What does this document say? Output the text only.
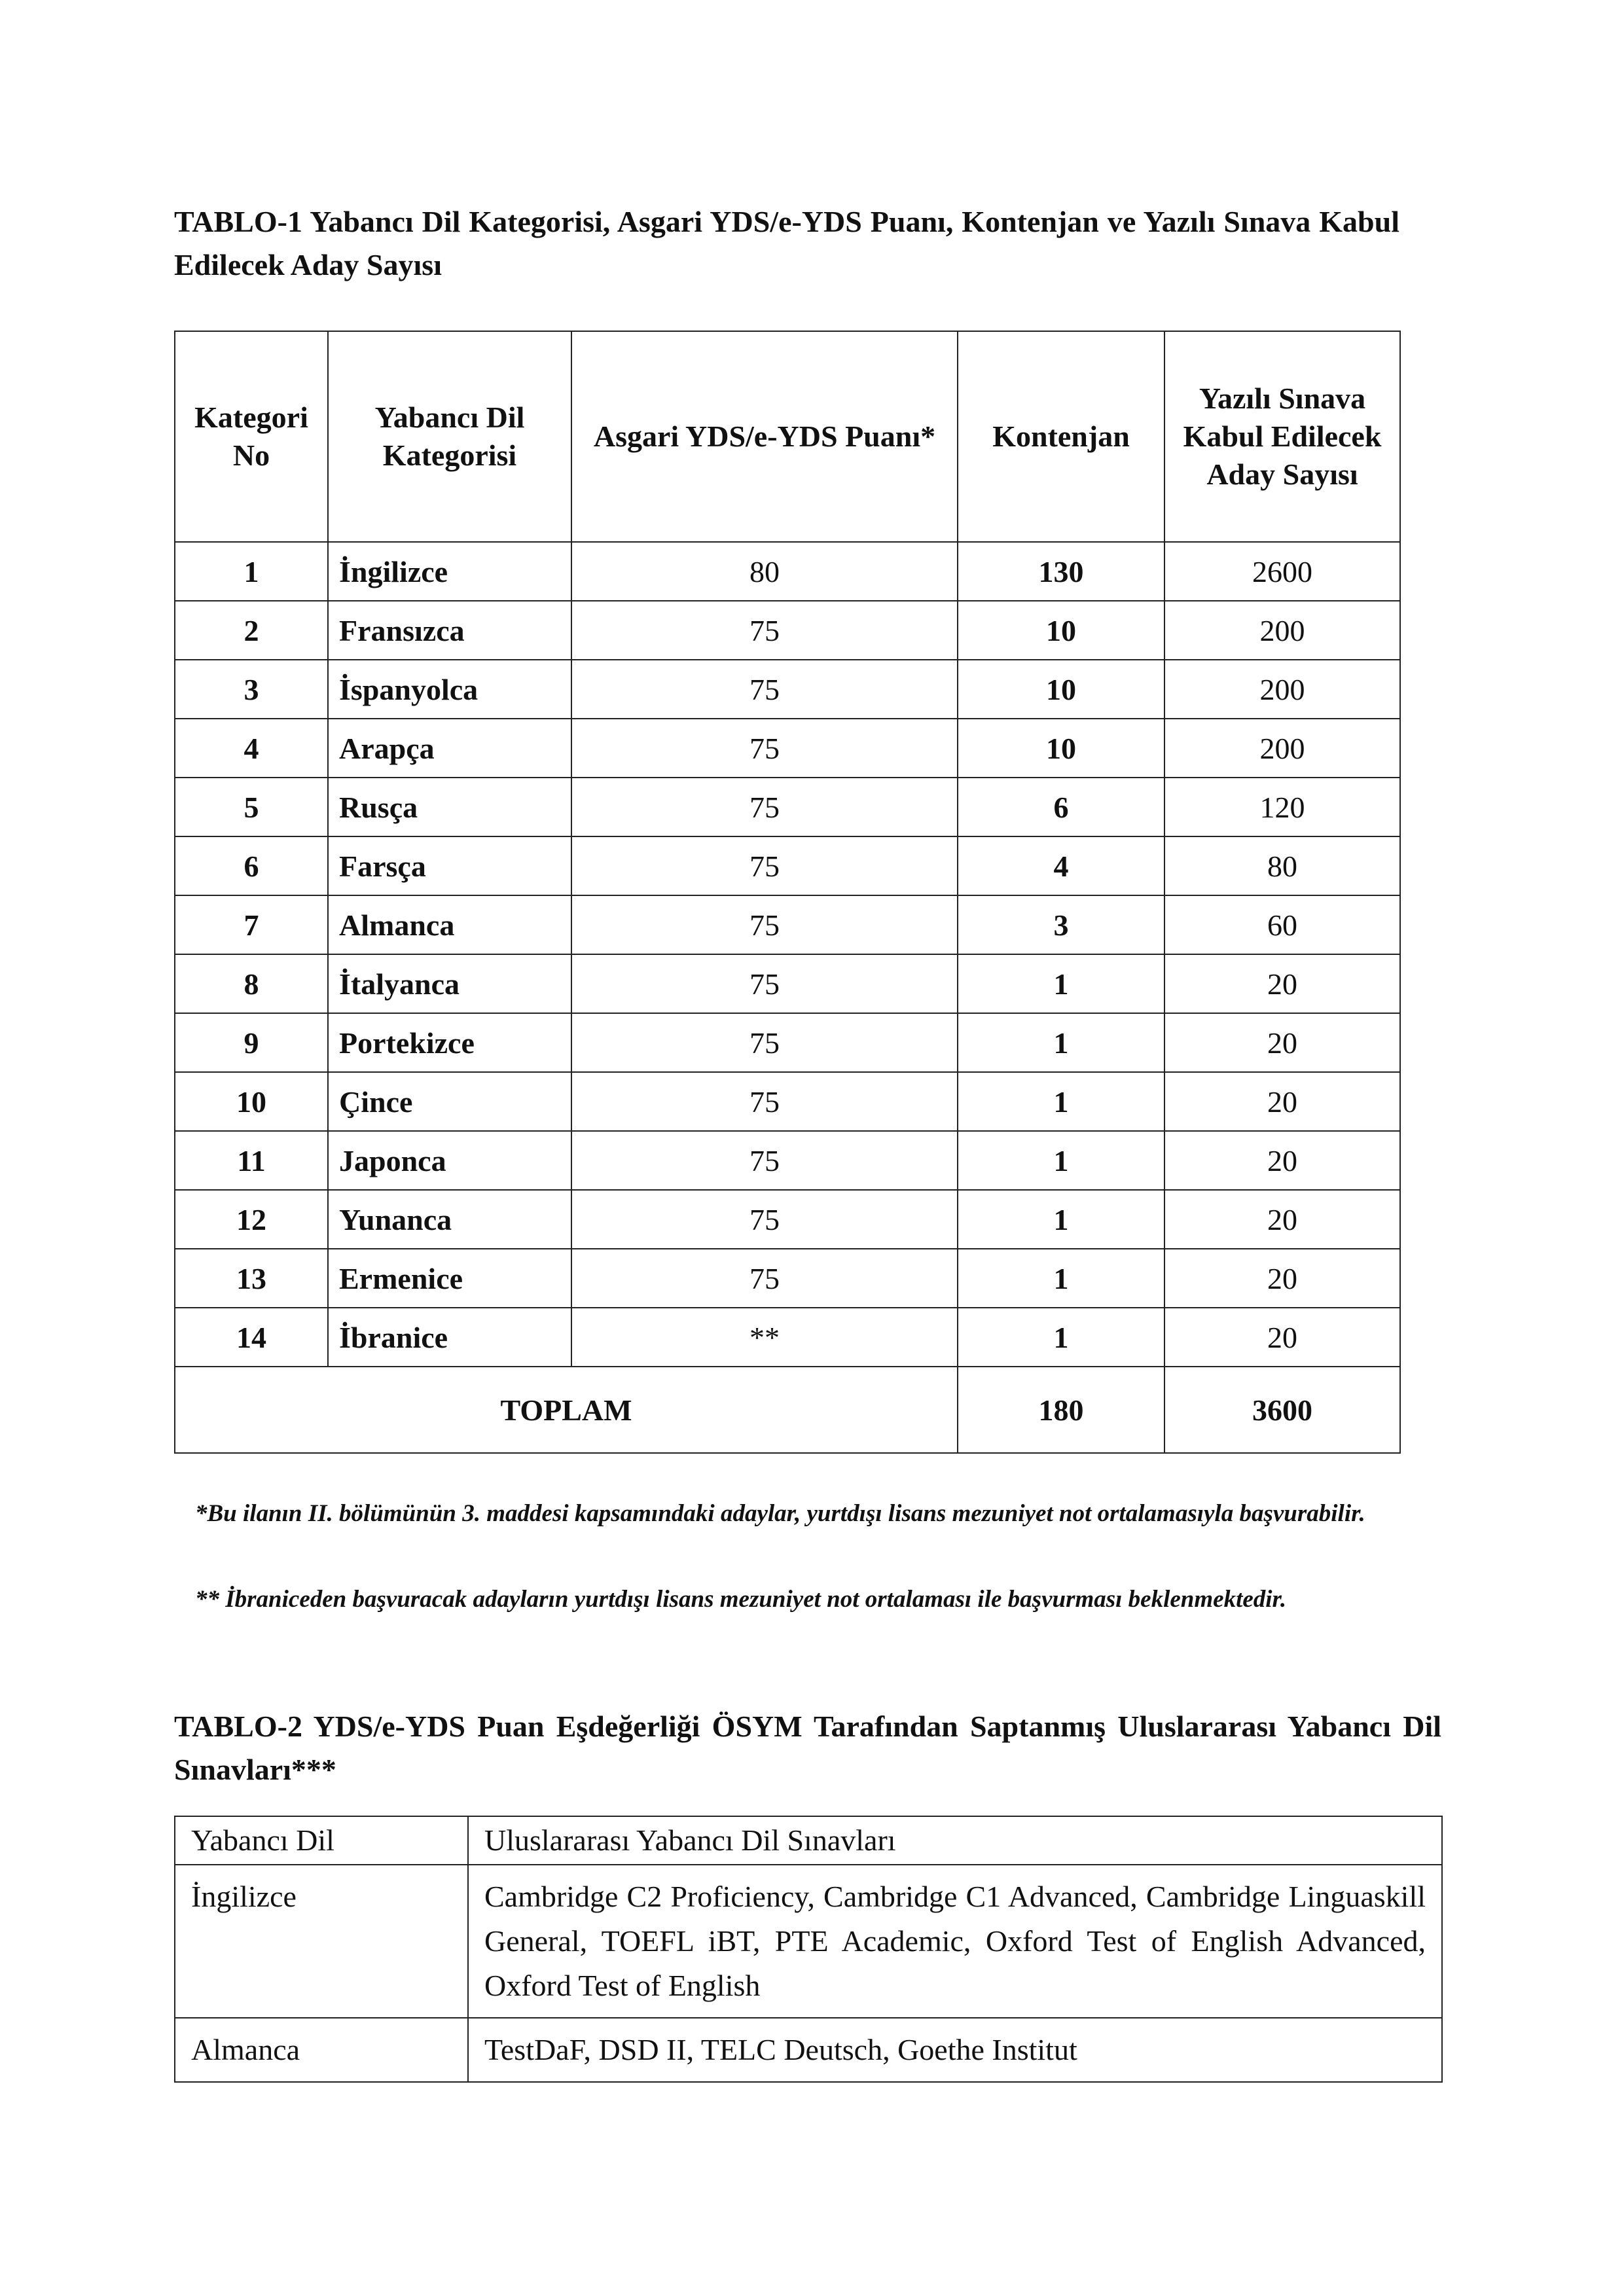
TABLO-1 Yabancı Dil Kategorisi, Asgari YDS/e-YDS Puanı, Kontenjan ve Yazılı Sınava Kabul Edilecek Aday Sayısı
Kategori No	Yabancı Dil Kategorisi	Asgari YDS/e-YDS Puanı*	Kontenjan	Yazılı Sınava Kabul Edilecek Aday Sayısı
1	İngilizce	80	130	2600
2	Fransızca	75	10	200
3	İspanyolca	75	10	200
4	Arapça	75	10	200
5	Rusça	75	6	120
6	Farsça	75	4	80
7	Almanca	75	3	60
8	İtalyanca	75	1	20
9	Portekizce	75	1	20
10	Çince	75	1	20
11	Japonca	75	1	20
12	Yunanca	75	1	20
13	Ermenice	75	1	20
14	İbranice	**	1	20
TOPLAM			180	3600
*Bu ilanın II. bölümünün 3. maddesi kapsamındaki adaylar, yurtdışı lisans mezuniyet not ortalamasıyla başvurabilir.
** İbraniceden başvuracak adayların yurtdışı lisans mezuniyet not ortalaması ile başvurması beklenmektedir.
TABLO-2 YDS/e-YDS Puan Eşdeğerliği ÖSYM Tarafından Saptanmış Uluslararası Yabancı Dil Sınavları***
Yabancı Dil	Uluslararası Yabancı Dil Sınavları
İngilizce	Cambridge C2 Proficiency, Cambridge C1 Advanced, Cambridge Linguaskill General, TOEFL iBT, PTE Academic, Oxford Test of English Advanced, Oxford Test of English
Almanca	TestDaF, DSD II, TELC Deutsch, Goethe Institut
